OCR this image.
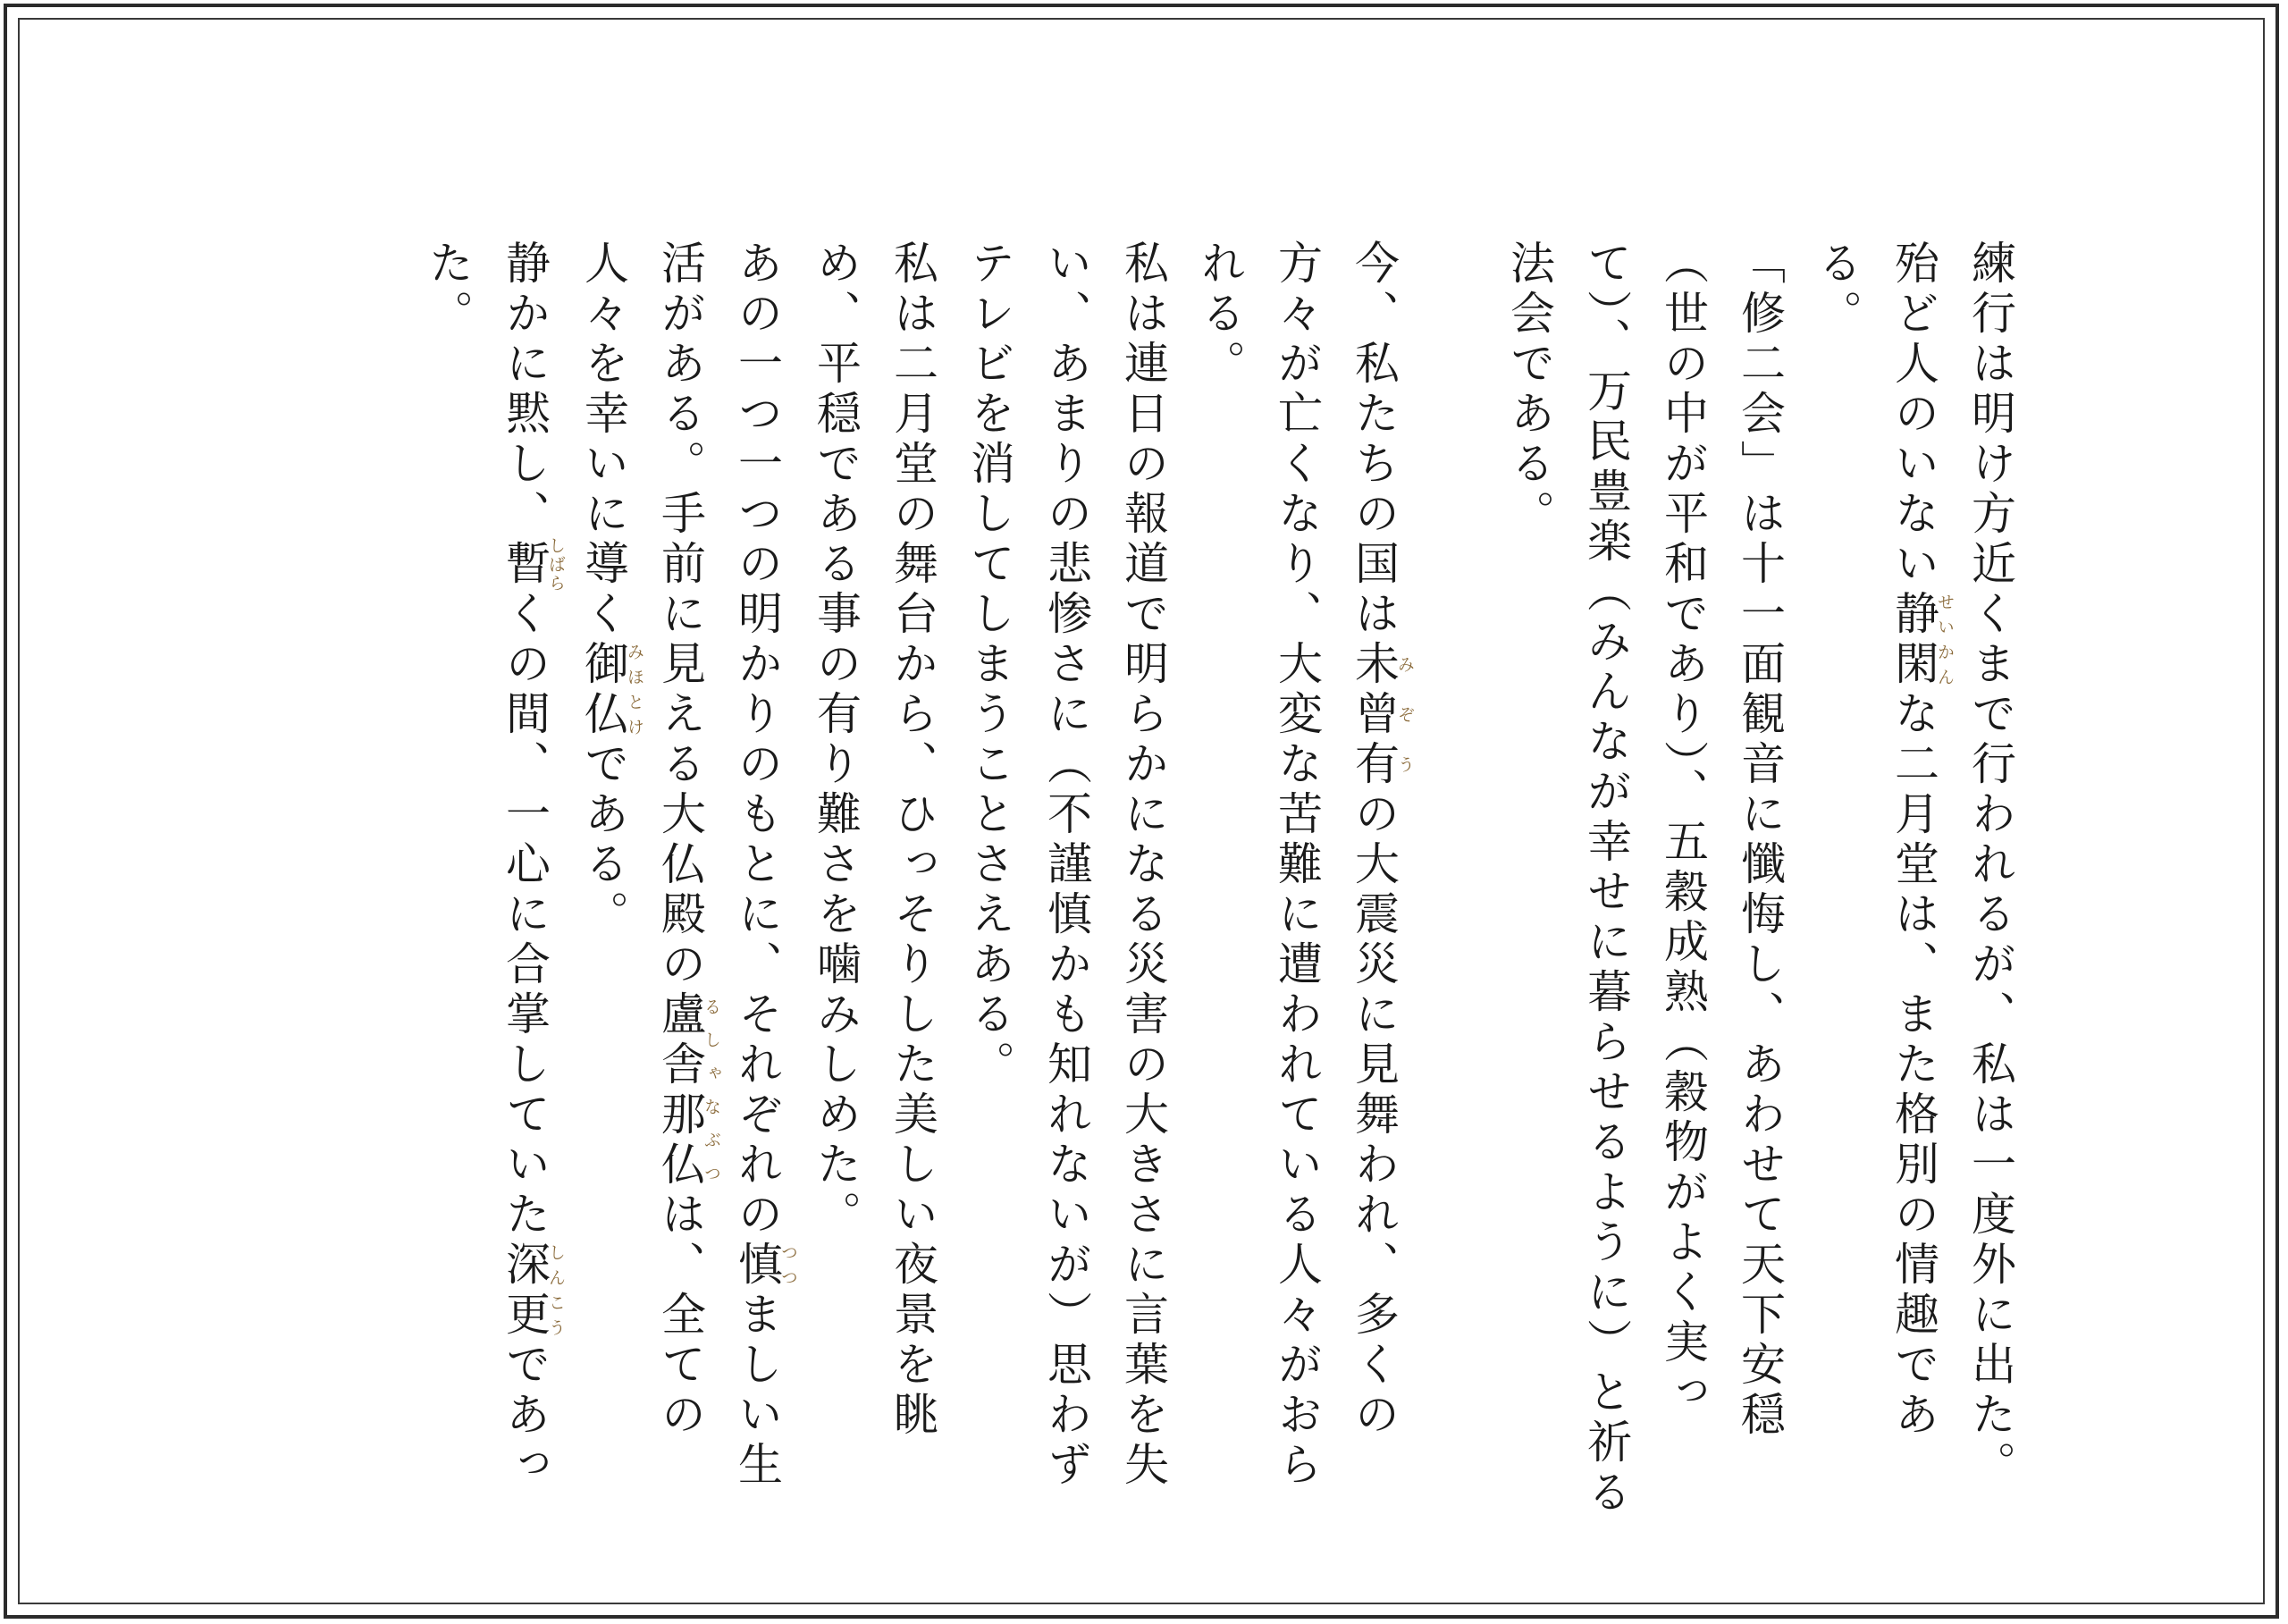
練行は明け方近くまで行われるが、私は一度外に出た。殆ど人のいない静閑せいかんな二月堂は、また格別の情趣である。

「修二会」は十一面観音に懺悔し、あわせて天下安穏（世の中が平和であり）、五穀成熟（穀物がよく実って）、万民豊楽（みんなが幸せに暮らせるように）と祈る法会である。

今、私たちの国は未曾有みぞうの大震災に見舞われ、多くの方々が亡くなり、大変な苦難に遭われている人々がおられる。

私は連日の報道で明らかになる災害の大きさに言葉を失い、あまりの悲惨さに（不謹慎かも知れないが）思わずテレビを消してしまうことさえある。

私は二月堂の舞台から、ひっそりした美しい夜景を眺め、平穏である事の有り難さを噛みしめた。

あの一つ一つの明かりのもとに、それぞれの慎つつましい生活がある。手前に見える大仏殿の盧舎那仏るしゃなぶつは、全ての人々を幸いに導く御仏みほとけである。

静かに黙し、暫しばらくの間、一心に合掌していた深更しんこうであった。
